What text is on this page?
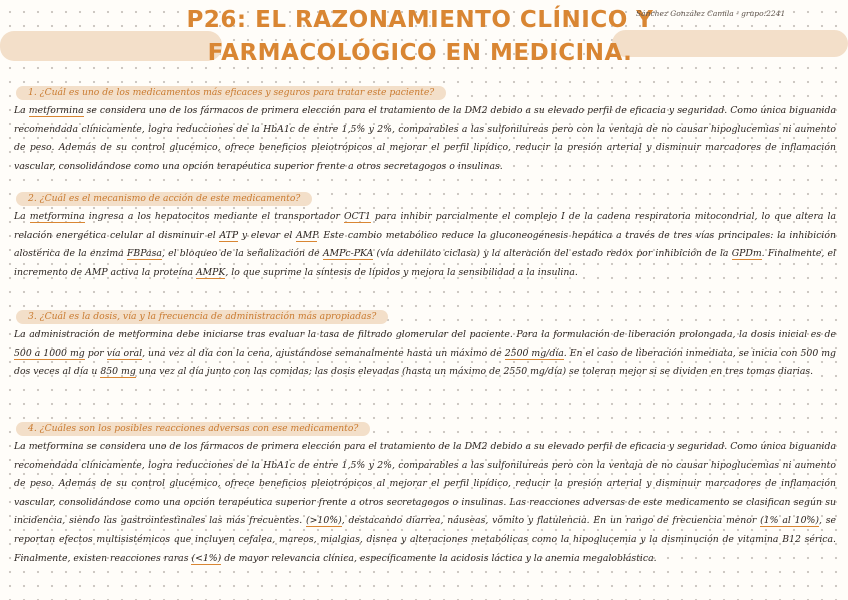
P26: EL RAZONAMIENTO CLÍNICO Y
FARMACOLÓGICO EN MEDICINA.
Sánchez González Camila - grupo:2241
1. ¿Cuál es uno de los medicamentos más eficaces y seguros para tratar este paciente?
La metformina se considera uno de los fármacos de primera elección para el tratamiento de la DM2 debido a su elevado perfil de eficacia y seguridad. Como única biguanida recomendada clínicamente, logra reducciones de la HbA1c de entre 1,5% y 2%, comparables a las sulfonilureas pero con la ventaja de no causar hipoglucemias ni aumento de peso. Además de su control glucémico, ofrece beneficios pleiotrópicos al mejorar el perfil lipídico, reducir la presión arterial y disminuir marcadores de inflamación vascular, consolidándose como una opción terapéutica superior frente a otros secretagogos o insulinas.
2. ¿Cuál es el mecanismo de acción de este medicamento?
La metformina ingresa a los hepatocitos mediante el transportador OCT1 para inhibir parcialmente el complejo I de la cadena respiratoria mitocondrial, lo que altera la relación energética celular al disminuir el ATP y elevar el AMP. Este cambio metabólico reduce la gluconeogénesis hepática a través de tres vías principales: la inhibición alostérica de la enzima FBPasa, el bloqueo de la señalización de AMPc-PKA (vía adenilato ciclasa) y la alteración del estado redox por inhibición de la GPDm. Finalmente, el incremento de AMP activa la proteína AMPK, lo que suprime la síntesis de lípidos y mejora la sensibilidad a la insulina.
3. ¿Cuál es la dosis, vía y la frecuencia de administración más apropiadas?
La administración de metformina debe iniciarse tras evaluar la tasa de filtrado glomerular del paciente. Para la formulación de liberación prolongada, la dosis inicial es de 500 a 1000 mg por vía oral, una vez al día con la cena, ajustándose semanalmente hasta un máximo de 2500 mg/día. En el caso de liberación inmediata, se inicia con 500 mg dos veces al día u 850 mg una vez al día junto con las comidas; las dosis elevadas (hasta un máximo de 2550 mg/día) se toleran mejor si se dividen en tres tomas diarias.
4. ¿Cuáles son los posibles reacciones adversas con ese medicamento?
La metformina se considera uno de los fármacos de primera elección para el tratamiento de la DM2 debido a su elevado perfil de eficacia y seguridad. Como única biguanida recomendada clínicamente, logra reducciones de la HbA1c de entre 1,5% y 2%, comparables a las sulfonilureas pero con la ventaja de no causar hipoglucemias ni aumento de peso. Además de su control glucémico, ofrece beneficios pleiotrópicos al mejorar el perfil lipídico, reducir la presión arterial y disminuir marcadores de inflamación vascular, consolidándose como una opción terapéutica superior frente a otros secretagogos o insulinas. Las reacciones adversas de este medicamento se clasifican según su incidencia, siendo las gastrointestinales las más frecuentes. (>10%), destacando diarrea, náuseas, vómito y flatulencia. En un rango de frecuencia menor (1% al 10%), se reportan efectos multisistémicos que incluyen cefalea, mareos, mialgias, disnea y alteraciones metabólicas como la hipoglucemia y la disminución de vitamina B12 sérica. Finalmente, existen reacciones raras (<1%) de mayor relevancia clínica, específicamente la acidosis láctica y la anemia megaloblástica.
